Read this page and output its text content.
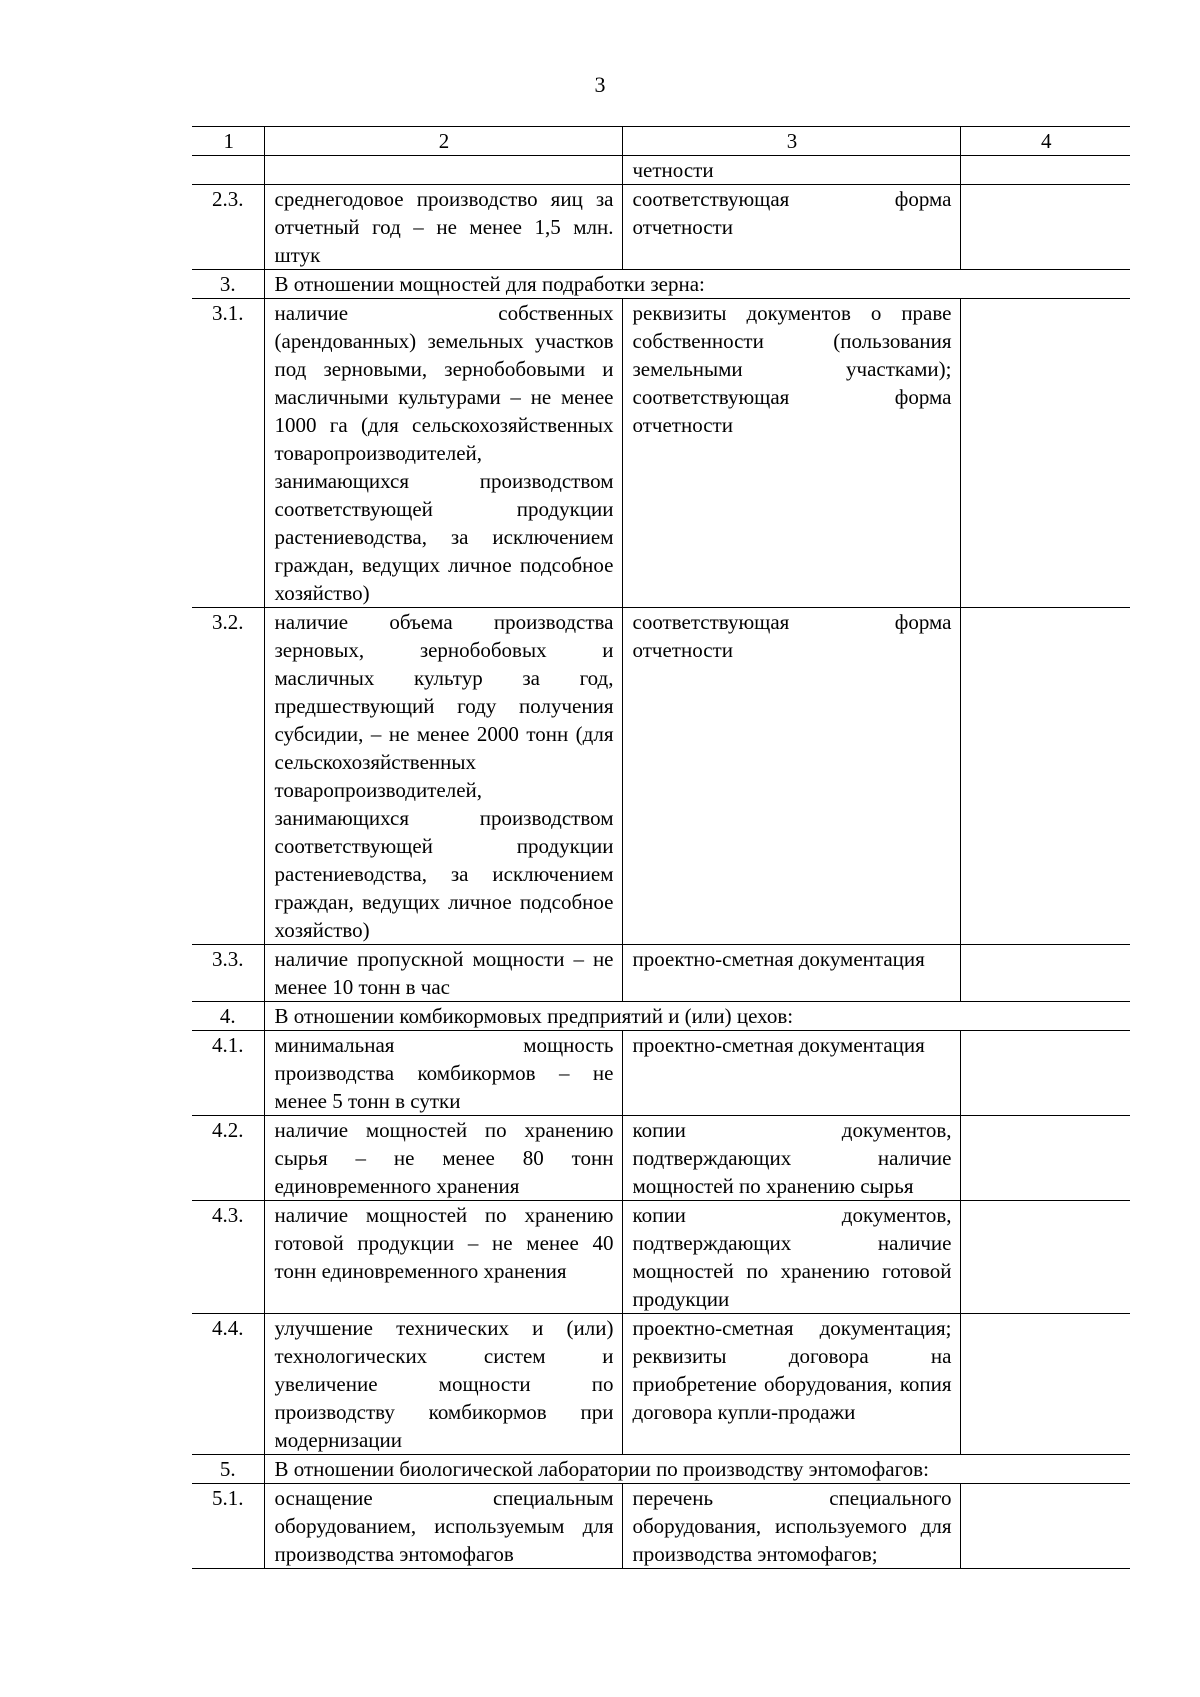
3
1	2	3	4
		четности	
2.3.	среднегодовое производство яиц за отчетный год – не менее 1,5 млн. штук	соответствующая форма отчетности	
3.	В отношении мощностей для подработки зерна:		
3.1.	наличие собственных (арендованных) земельных участков под зерновыми, зернобобовыми и масличными культурами – не менее 1000 га (для сельскохозяйственных товаропроизводителей, занимающихся производством соответствующей продукции растениеводства, за исключением граждан, ведущих личное подсобное хозяйство)	реквизиты документов о праве собственности (пользования земельными участками); соответствующая форма отчетности	
3.2.	наличие объема производства зерновых, зернобобовых и масличных культур за год, предшествующий году получения субсидии, – не менее 2000 тонн (для сельскохозяйственных товаропроизводителей, занимающихся производством соответствующей продукции растениеводства, за исключением граждан, ведущих личное подсобное хозяйство)	соответствующая форма отчетности	
3.3.	наличие пропускной мощности – не менее 10 тонн в час	проектно-сметная документация	
4.	В отношении комбикормовых предприятий и (или) цехов:		
4.1.	минимальная мощность производства комбикормов – не менее 5 тонн в сутки	проектно-сметная документация	
4.2.	наличие мощностей по хранению сырья – не менее 80 тонн единовременного хранения	копии документов, подтверждающих наличие мощностей по хранению сырья	
4.3.	наличие мощностей по хранению готовой продукции – не менее 40 тонн единовременного хранения	копии документов, подтверждающих наличие мощностей по хранению готовой продукции	
4.4.	улучшение технических и (или) технологических систем и увеличение мощности по производству комбикормов при модернизации	проектно-сметная документация; реквизиты договора на приобретение оборудования, копия договора купли-продажи	
5.	В отношении биологической лаборатории по производству энтомофагов:		
5.1.	оснащение специальным оборудованием, используемым для производства энтомофагов	перечень специального оборудования, используемого для производства энтомофагов;	
